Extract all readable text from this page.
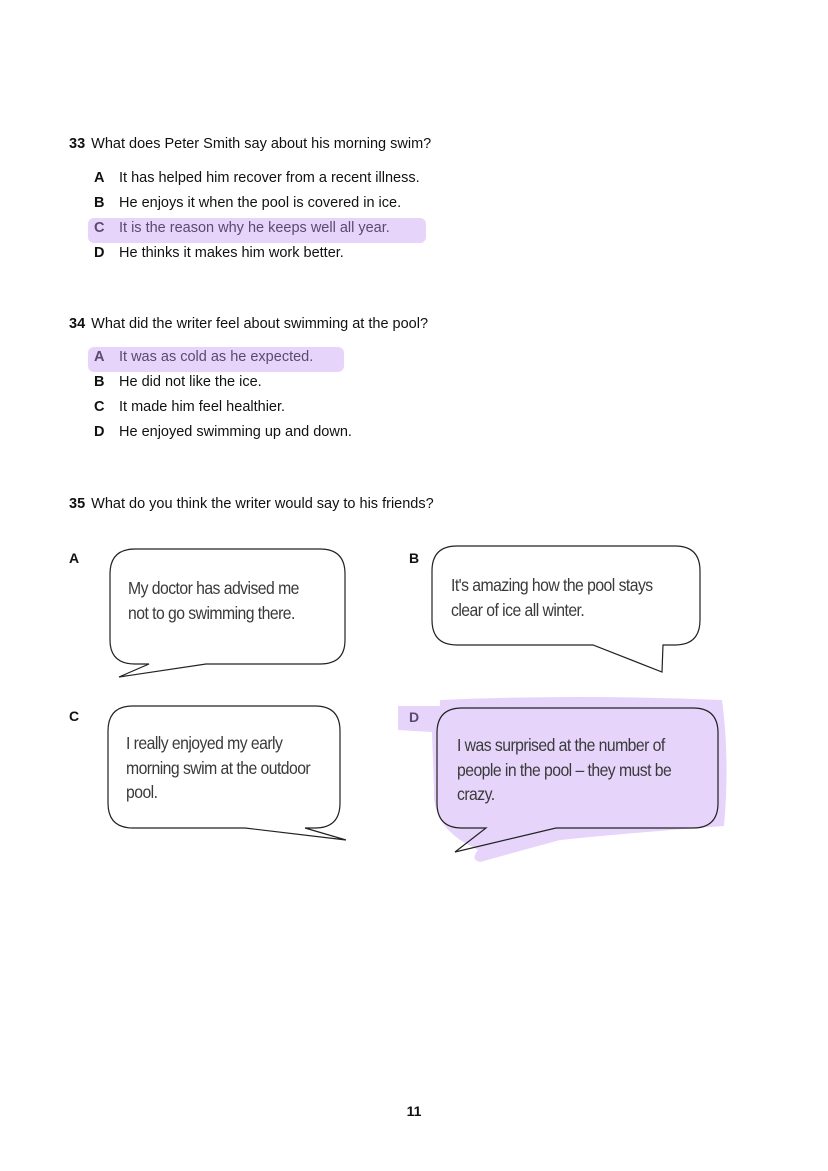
33 What does Peter Smith say about his morning swim?
A It has helped him recover from a recent illness.
B He enjoys it when the pool is covered in ice.
C It is the reason why he keeps well all year.
D He thinks it makes him work better.
34 What did the writer feel about swimming at the pool?
A It was as cold as he expected.
B He did not like the ice.
C It made him feel healthier.
D He enjoyed swimming up and down.
35 What do you think the writer would say to his friends?
A	B
C	D
My doctor has advised me not to go swimming there.
It's amazing how the pool stays clear of ice all winter.
I really enjoyed my early morning swim at the outdoor pool.
I was surprised at the number of people in the pool – they must be crazy.
11
